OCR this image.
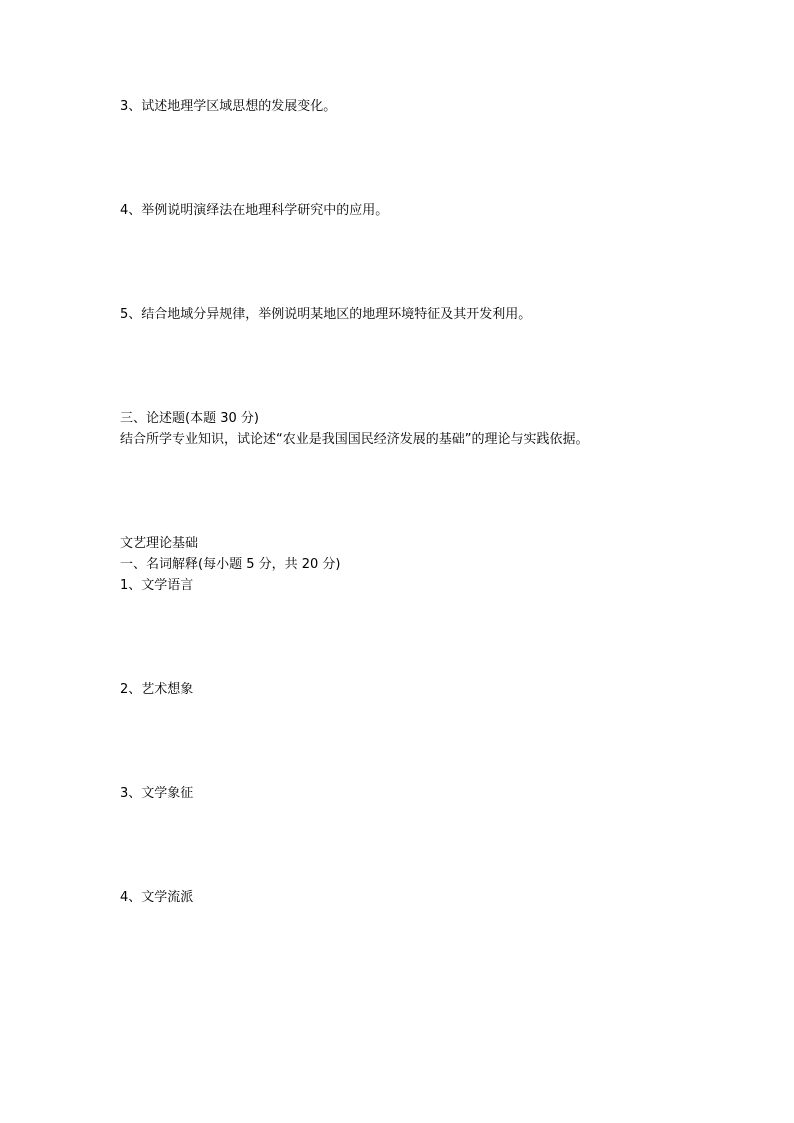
3、试述地理学区域思想的发展变化。
4、举例说明演绎法在地理科学研究中的应用。
5、结合地域分异规律，举例说明某地区的地理环境特征及其开发利用。
三、论述题(本题 30 分)
结合所学专业知识，试论述“农业是我国国民经济发展的基础”的理论与实践依据。
文艺理论基础
一、名词解释(每小题 5 分，共 20 分)
1、文学语言
2、艺术想象
3、文学象征
4、文学流派
